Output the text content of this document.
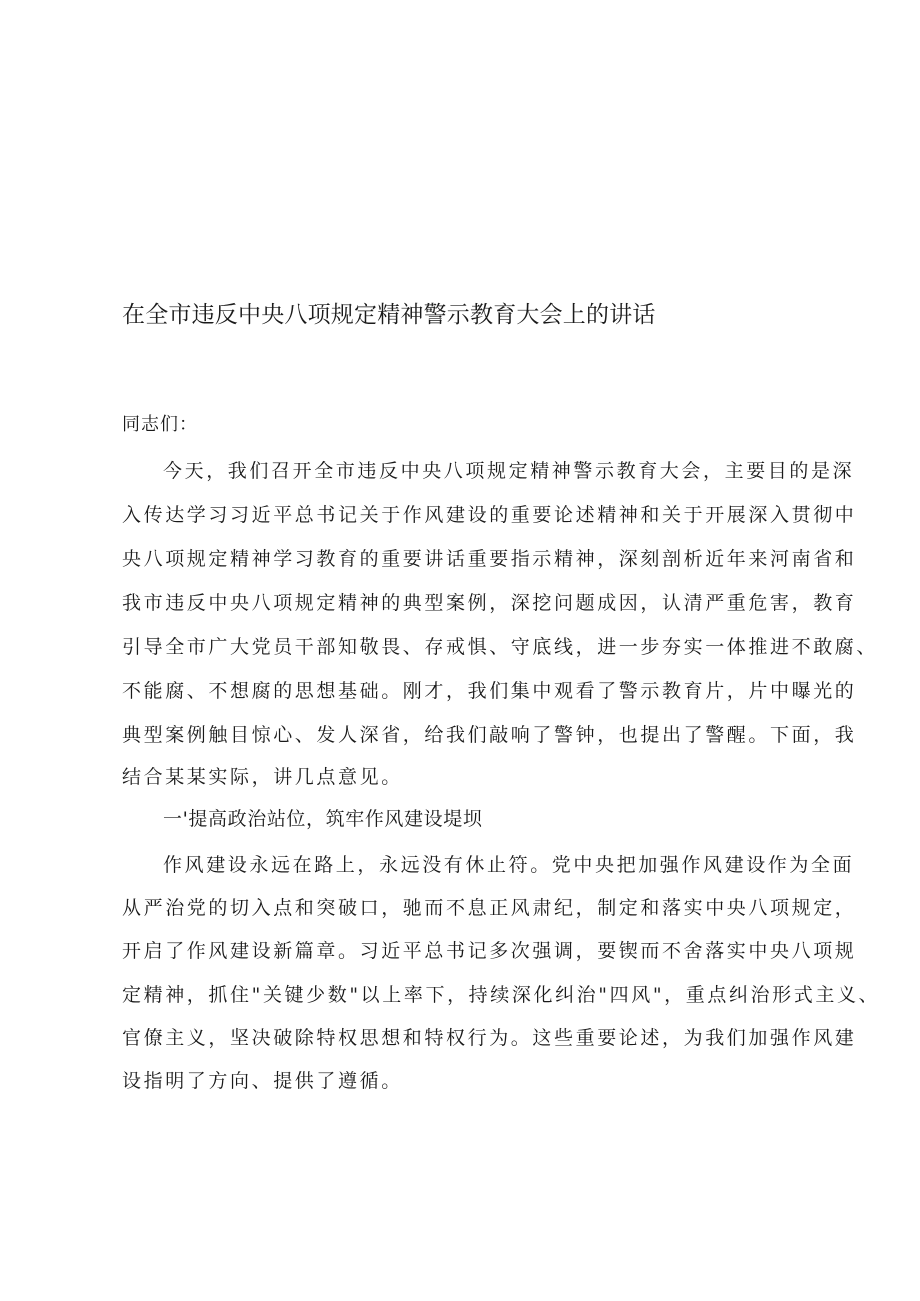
在全市违反中央八项规定精神警示教育大会上的讲话
同志们：
今天，我们召开全市违反中央八项规定精神警示教育大会，主要目的是深
入传达学习习近平总书记关于作风建设的重要论述精神和关于开展深入贯彻中
央八项规定精神学习教育的重要讲话重要指示精神，深刻剖析近年来河南省和
我市违反中央八项规定精神的典型案例，深挖问题成因，认清严重危害，教育
引导全市广大党员干部知敬畏、存戒惧、守底线，进一步夯实一体推进不敢腐、
不能腐、不想腐的思想基础。刚才，我们集中观看了警示教育片，片中曝光的
典型案例触目惊心、发人深省，给我们敲响了警钟，也提出了警醒。下面，我
结合某某实际，讲几点意见。
一'提高政治站位，筑牢作风建设堤坝
作风建设永远在路上，永远没有休止符。党中央把加强作风建设作为全面
从严治党的切入点和突破口，驰而不息正风肃纪，制定和落实中央八项规定，
开启了作风建设新篇章。习近平总书记多次强调，要锲而不舍落实中央八项规
定精神，抓住"关键少数"以上率下，持续深化纠治"四风"，重点纠治形式主义、
官僚主义，坚决破除特权思想和特权行为。这些重要论述，为我们加强作风建
设指明了方向、提供了遵循。
